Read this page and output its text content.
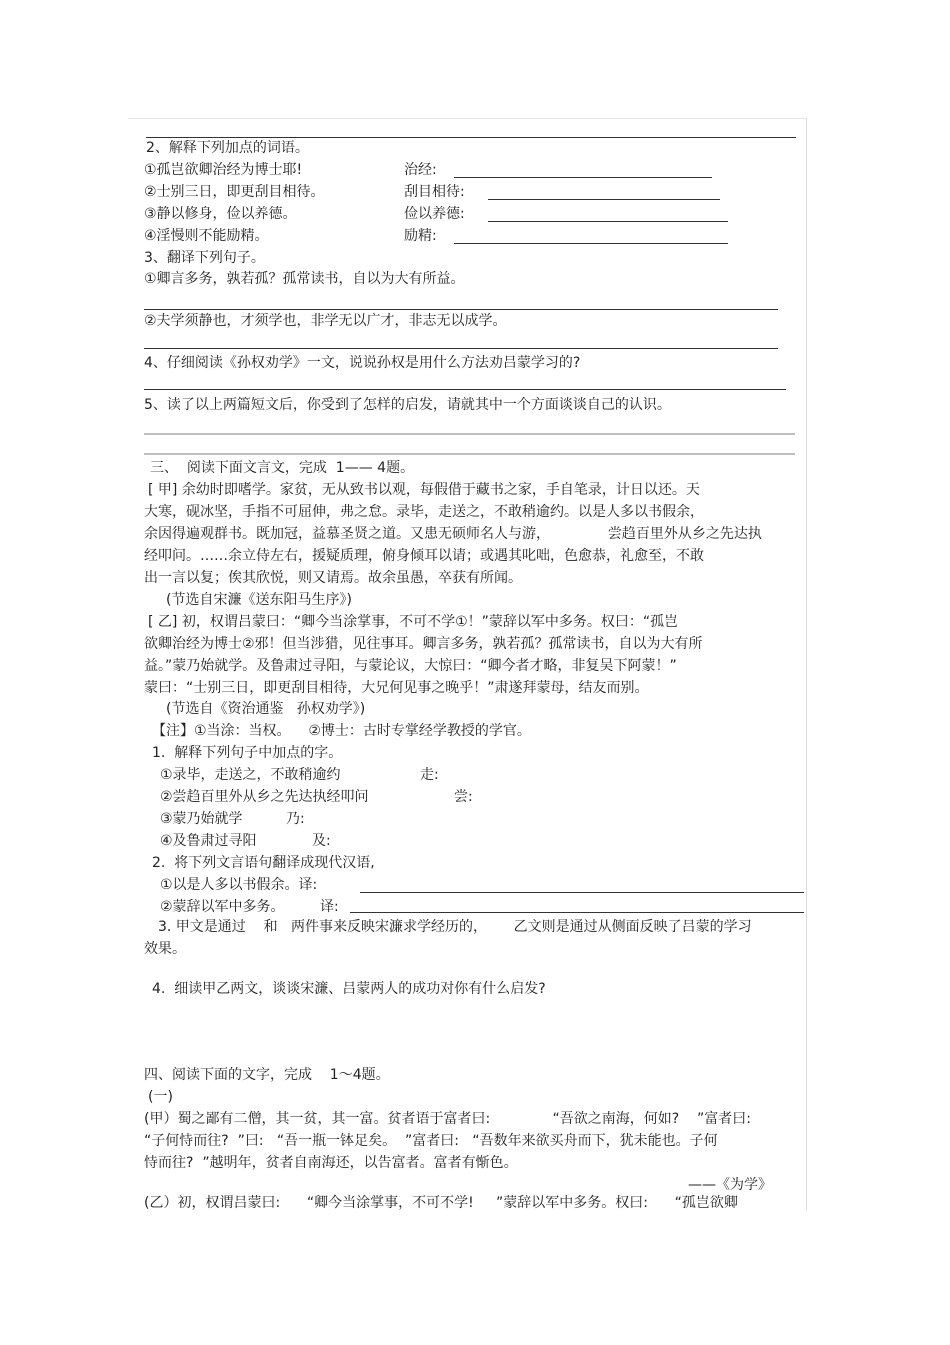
2、解释下列加点的词语。
①孤岂欲卿治经为博士耶!	治经:
②士别三日，即更刮目相待。	刮目相待:
③静以修身，俭以养德。	俭以养德:
④淫慢则不能励精。	励精:
3、翻译下列句子。
①卿言多务，孰若孤？孤常读书，自以为大有所益。
②夫学须静也，才须学也，非学无以广才，非志无以成学。
4、仔细阅读《孙权劝学》一文，说说孙权是用什么方法劝吕蒙学习的?
5、读了以上两篇短文后，你受到了怎样的启发，请就其中一个方面谈谈自己的认识。
三、  阅读下面文言文，完成  1—— 4题。
[ 甲] 余幼时即嗜学。家贫，无从致书以观，每假借于藏书之家，手自笔录，计日以还。天
大寒，砚冰坚，手指不可屈伸，弗之怠。录毕，走送之，不敢稍逾约。以是人多以书假余，
余因得遍观群书。既加冠，益慕圣贤之道。又患无硕师名人与游，             尝趋百里外从乡之先达执
经叩问。……余立侍左右，援疑质理，俯身倾耳以请；或遇其叱咄，色愈恭，礼愈至，不敢
出一言以复；俟其欣悦，则又请焉。故余虽愚，卒获有所闻。
(节选自宋濂《送东阳马生序》)
[ 乙] 初，权谓吕蒙曰：“卿今当涂掌事，不可不学①！”蒙辞以军中多务。权曰：“孤岂
欲卿治经为博士②邪！但当涉猎，见往事耳。卿言多务，孰若孤？孤常读书，自以为大有所
益。”蒙乃始就学。及鲁肃过寻阳，与蒙论议，大惊曰：“卿今者才略，非复吴下阿蒙！”
蒙曰：“士别三日，即更刮目相待，大兄何见事之晚乎！”肃遂拜蒙母，结友而别。
(节选自《资治通鉴   孙权劝学》)
【注】①当涂：当权。    ②博士：古时专掌经学教授的学官。
1.  解释下列句子中加点的字。
①录毕，走送之，不敢稍逾约	走:
②尝趋百里外从乡之先达执经叩问	尝:
③蒙乃始就学	乃:
④及鲁肃过寻阳	及:
2.  将下列文言语句翻译成现代汉语,
①以是人多以书假余。译:
②蒙辞以军中多务。	译:
3. 甲文是通过    和   两件事来反映宋濂求学经历的，      乙文则是通过从侧面反映了吕蒙的学习
效果。
4.  细读甲乙两文，谈谈宋濂、吕蒙两人的成功对你有什么启发?
四、阅读下面的文字，完成    1～4题。
(一)
(甲）蜀之鄙有二僧，其一贫，其一富。贫者语于富者曰:              “吾欲之南海，何如?    ”富者曰:
“子何恃而往?  ”曰:   “吾一瓶一钵足矣。  ”富者曰:   “吾数年来欲买舟而下，犹未能也。子何
恃而往?  ”越明年，贫者自南海还，以告富者。富者有惭色。
——《为学》
(乙）初，权谓吕蒙曰:      “卿今当涂掌事，不可不学!     ”蒙辞以军中多务。权曰:      “孤岂欲卿
